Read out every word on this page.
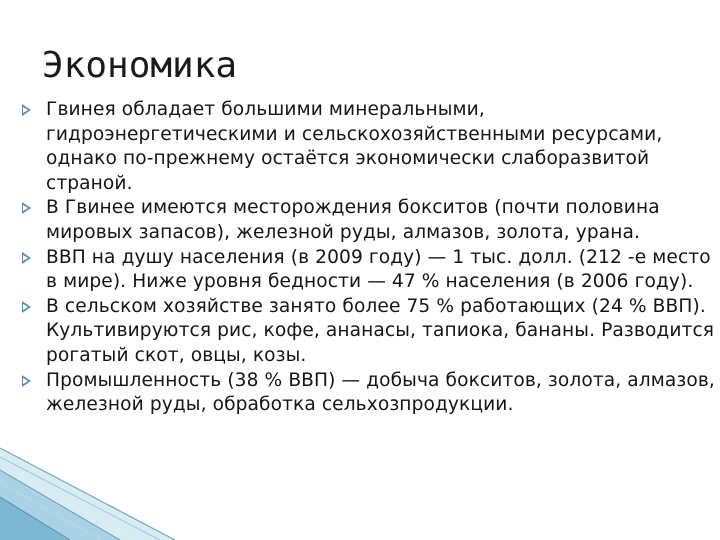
Экономика
Гвинея обладает большими минеральными, гидроэнергетическими и сельскохозяйственными ресурсами, однако по-прежнему остаётся экономически слаборазвитой страной.
В Гвинее имеются месторождения бокситов (почти половина мировых запасов), железной руды, алмазов, золота, урана.
ВВП на душу населения (в 2009 году) — 1 тыс. долл. (212 -е место в мире). Ниже уровня бедности — 47 % населения (в 2006 году).
В сельском хозяйстве занято более 75 % работающих (24 % ВВП). Культивируются рис, кофе, ананасы, тапиока, бананы. Разводится рогатый скот, овцы, козы.
Промышленность (38 % ВВП) — добыча бокситов, золота, алмазов, железной руды, обработка сельхозпродукции.
